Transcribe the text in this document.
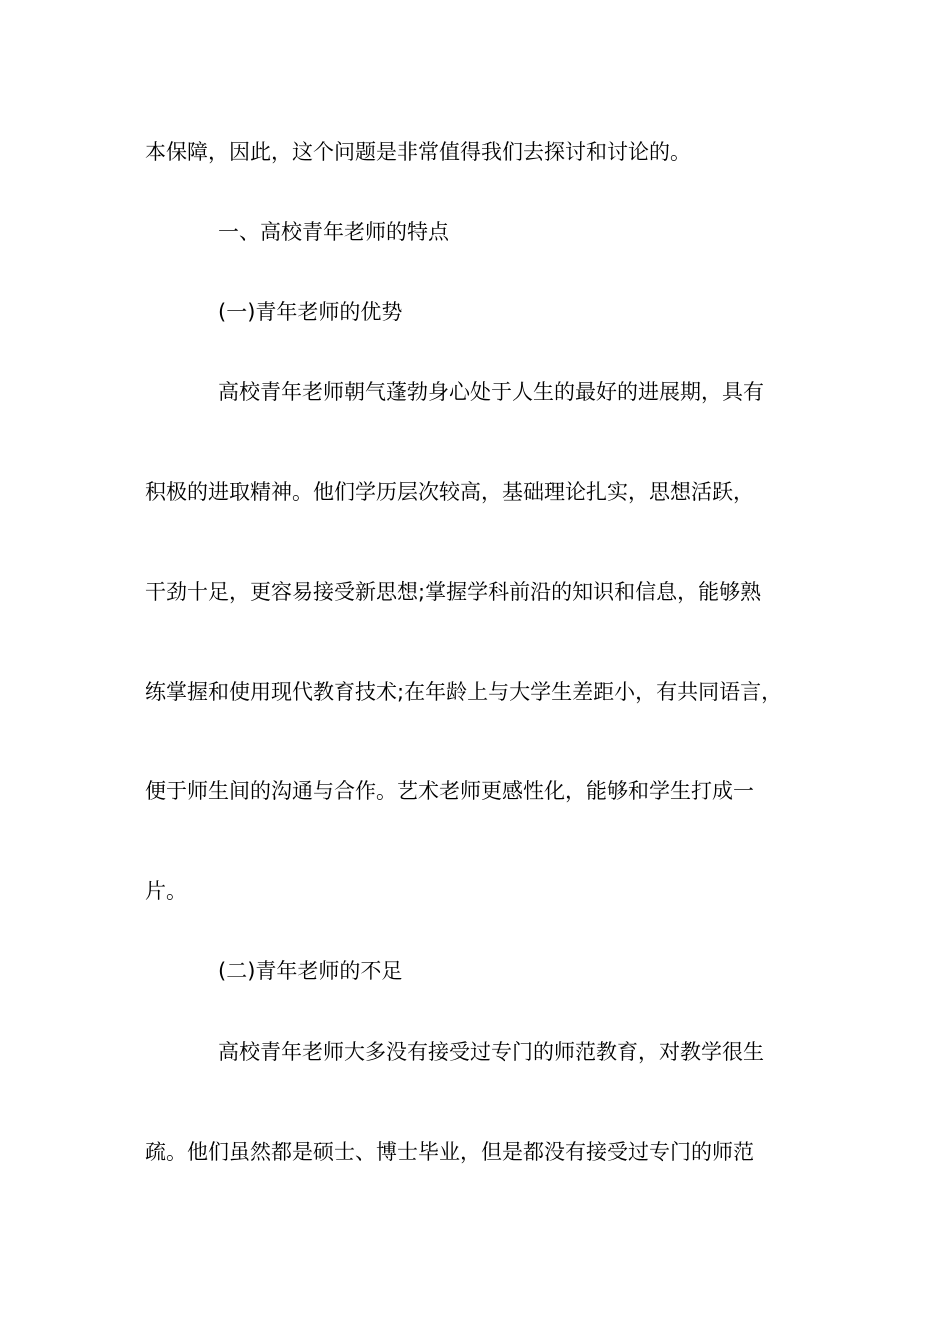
本保障，因此，这个问题是非常值得我们去探讨和讨论的。

一、高校青年老师的特点

(一)青年老师的优势

高校青年老师朝气蓬勃身心处于人生的最好的进展期，具有

积极的进取精神。他们学历层次较高，基础理论扎实，思想活跃，

干劲十足，更容易接受新思想;掌握学科前沿的知识和信息，能够熟

练掌握和使用现代教育技术;在年龄上与大学生差距小，有共同语言，

便于师生间的沟通与合作。艺术老师更感性化，能够和学生打成一

片。

(二)青年老师的不足

高校青年老师大多没有接受过专门的师范教育，对教学很生

疏。他们虽然都是硕士、博士毕业，但是都没有接受过专门的师范
